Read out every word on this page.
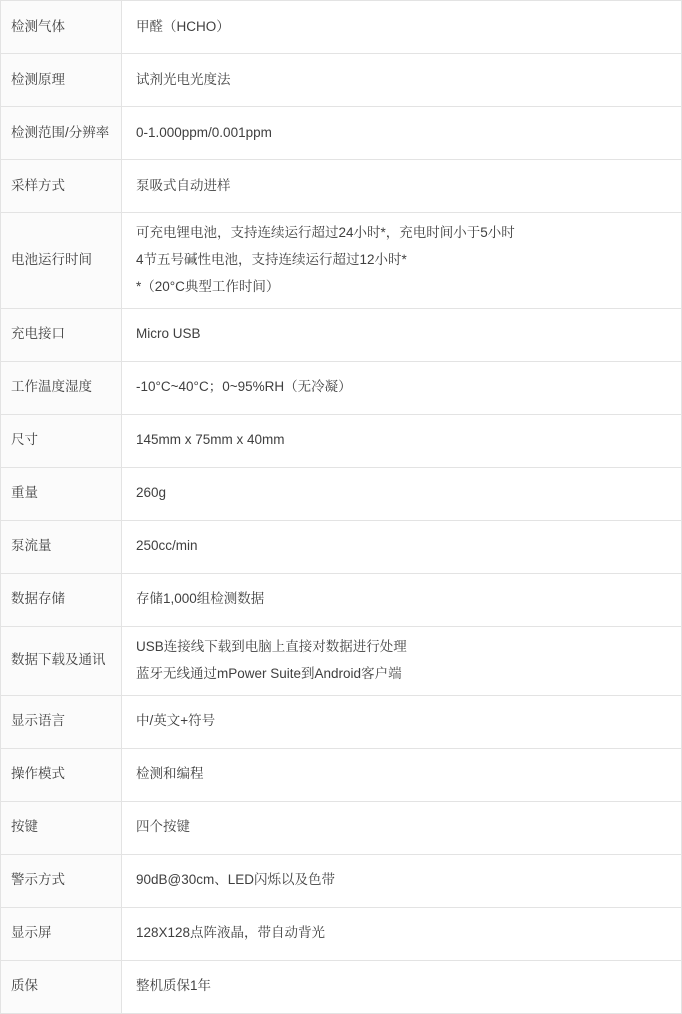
检测气体	甲醛（HCHO）

检测原理	试剂光电光度法

检测范围/分辨率	0-1.000ppm/0.001ppm

采样方式	泵吸式自动进样

电池运行时间	可充电锂电池，支持连续运行超过24小时*，充电时间小于5小时
4节五号碱性电池，支持连续运行超过12小时*
*（20°C典型工作时间）

充电接口	Micro USB

工作温度湿度	-10°C~40°C；0~95%RH（无冷凝）

尺寸	145mm x 75mm x 40mm

重量	260g

泵流量	250cc/min

数据存储	存储1,000组检测数据

数据下载及通讯	USB连接线下载到电脑上直接对数据进行处理
蓝牙无线通过mPower Suite到Android客户端

显示语言	中/英文+符号

操作模式	检测和编程

按键	四个按键

警示方式	90dB@30cm、LED闪烁以及色带

显示屏	128X128点阵液晶，带自动背光

质保	整机质保1年
